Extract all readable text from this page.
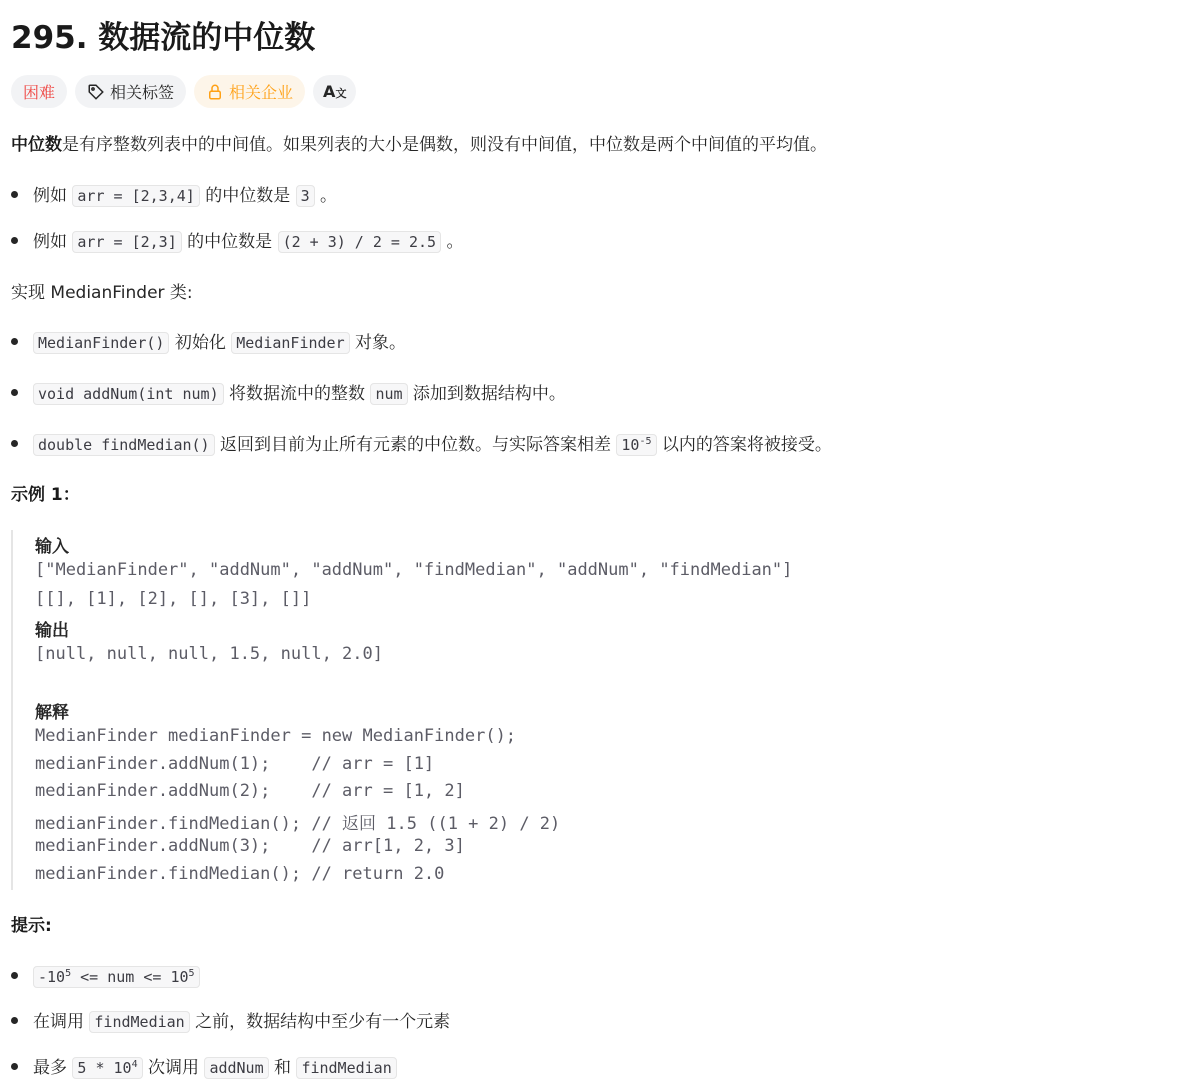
295. 数据流的中位数
困难	相关标签	相关企业 A文
中位数是有序整数列表中的中间值。如果列表的大小是偶数，则没有中间值，中位数是两个中间值的平均值。
例如 arr = [2,3,4] 的中位数是 3 。
例如 arr = [2,3] 的中位数是 (2 + 3) / 2 = 2.5 。
实现 MedianFinder 类:
MedianFinder() 初始化 MedianFinder 对象。
void addNum(int num) 将数据流中的整数 num 添加到数据结构中。
double findMedian() 返回到目前为止所有元素的中位数。与实际答案相差 $10^{-5}$ 以内的答案将被接受。
示例 1：
输入
["MedianFinder", "addNum", "addNum", "findMedian", "addNum", "findMedian"]
[[], [1], [2], [], [3], []]
输出
[null, null, null, 1.5, null, 2.0]
解释
MedianFinder medianFinder = new MedianFinder();
medianFinder.addNum(1);    // arr = [1]
medianFinder.addNum(2);    // arr = [1, 2]
medianFinder.findMedian(); // 返回 1.5 ((1 + 2) / 2)
medianFinder.addNum(3);    // arr[1, 2, 3]
medianFinder.findMedian(); // return 2.0
提示:
$-10^5$ <= num <= $10^5$
在调用 findMedian 之前，数据结构中至少有一个元素
最多 $5 * 10^4$ 次调用 addNum 和 findMedian
